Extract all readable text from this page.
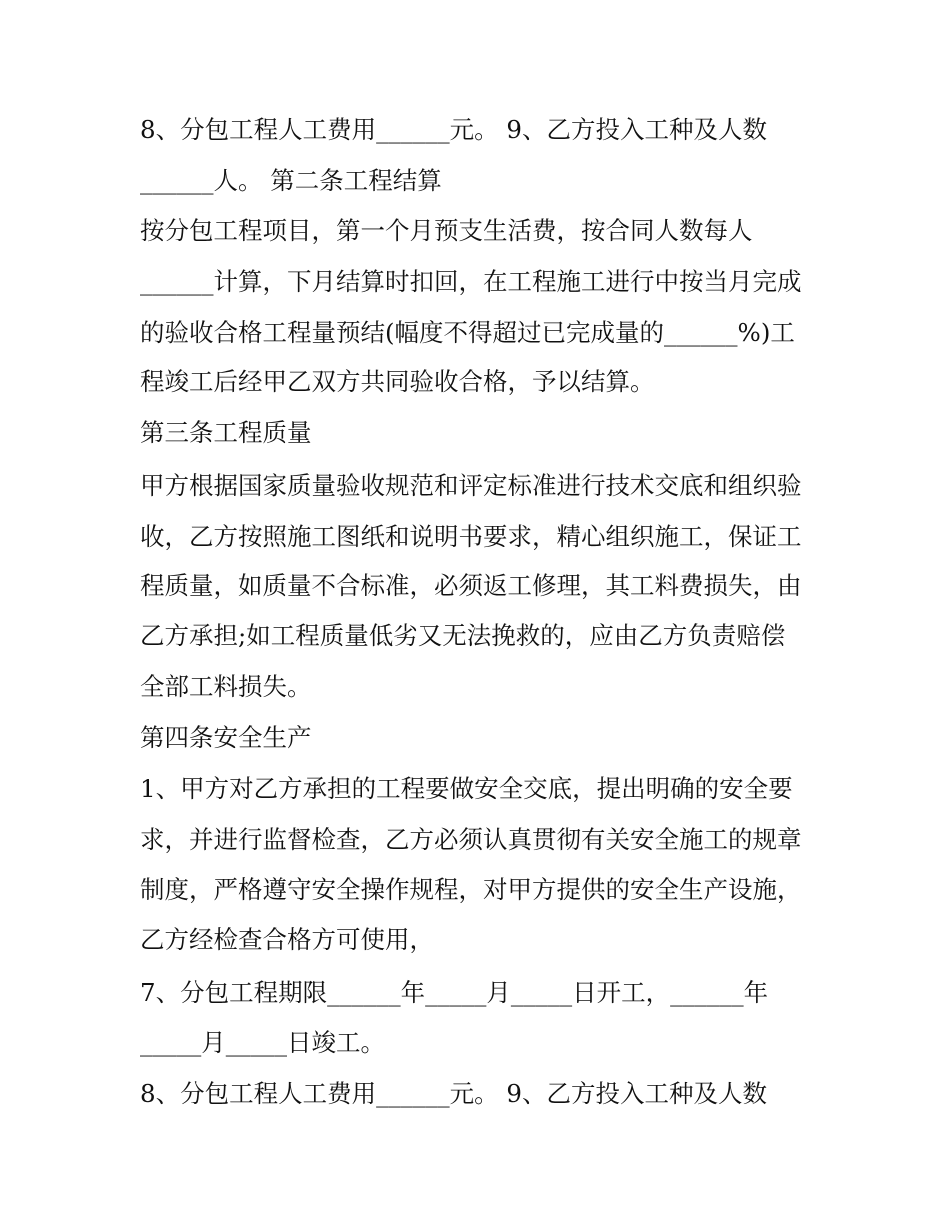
8、分包工程人工费用______元。 9、乙方投入工种及人数
______人。 第二条工程结算
按分包工程项目，第一个月预支生活费，按合同人数每人
______计算，下月结算时扣回，在工程施工进行中按当月完成
的验收合格工程量预结(幅度不得超过已完成量的______%)工
程竣工后经甲乙双方共同验收合格，予以结算。
第三条工程质量
甲方根据国家质量验收规范和评定标准进行技术交底和组织验
收，乙方按照施工图纸和说明书要求，精心组织施工，保证工
程质量，如质量不合标准，必须返工修理，其工料费损失，由
乙方承担;如工程质量低劣又无法挽救的，应由乙方负责赔偿
全部工料损失。
第四条安全生产
1、甲方对乙方承担的工程要做安全交底，提出明确的安全要
求，并进行监督检查，乙方必须认真贯彻有关安全施工的规章
制度，严格遵守安全操作规程，对甲方提供的安全生产设施，
乙方经检查合格方可使用，
7、分包工程期限______年_____月_____日开工，______年
_____月_____日竣工。
8、分包工程人工费用______元。 9、乙方投入工种及人数
